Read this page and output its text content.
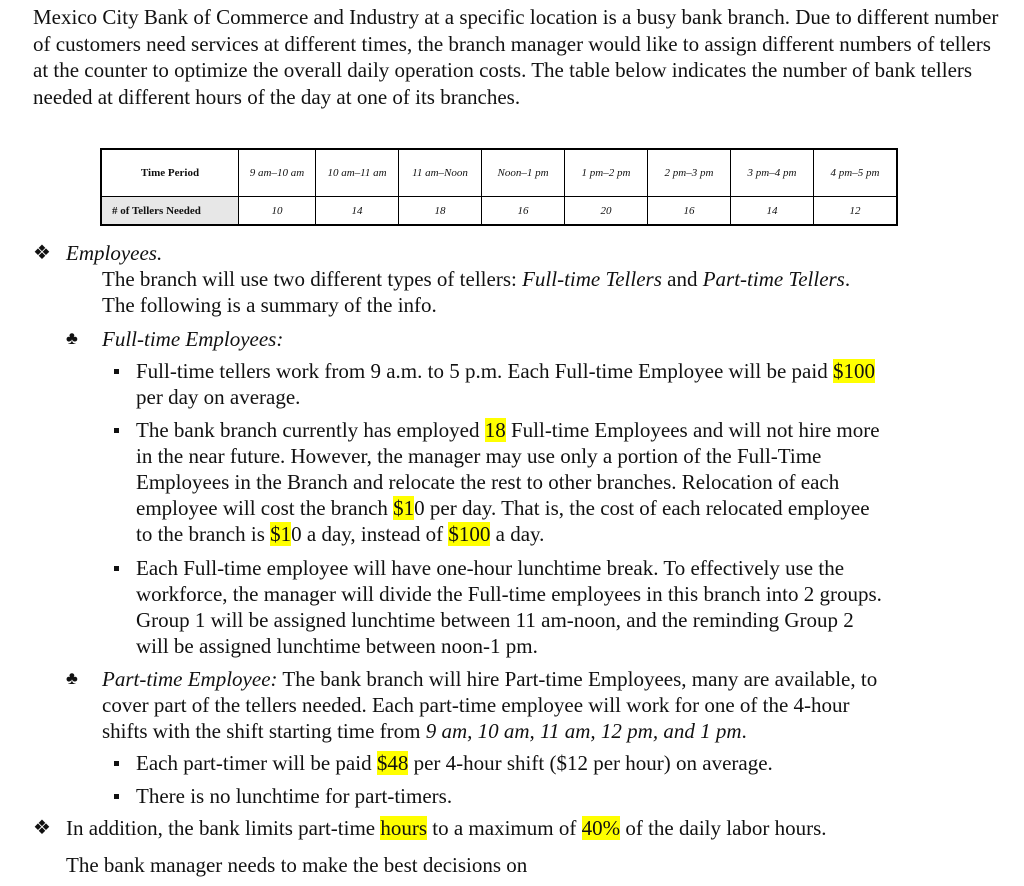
Mexico City Bank of Commerce and Industry at a specific location is a busy bank branch. Due to different number of customers need services at different times, the branch manager would like to assign different numbers of tellers at the counter to optimize the overall daily operation costs. The table below indicates the number of bank tellers needed at different hours of the day at one of its branches.

Time Period	9 am–10 am	10 am–11 am	11 am–Noon	Noon–1 pm	1 pm–2 pm	2 pm–3 pm	3 pm–4 pm	4 pm–5 pm
# of Tellers Needed	10	14	18	16	20	16	14	12
❖ Employees.
The branch will use two different types of tellers: Full-time Tellers and Part-time Tellers.
The following is a summary of the info.
♣ Full-time Employees:
Full-time tellers work from 9 a.m. to 5 p.m. Each Full-time Employee will be paid $100
per day on average.
The bank branch currently has employed 18 Full-time Employees and will not hire more
in the near future. However, the manager may use only a portion of the Full-Time
Employees in the Branch and relocate the rest to other branches. Relocation of each
employee will cost the branch $10 per day. That is, the cost of each relocated employee
to the branch is $10 a day, instead of $100 a day.
Each Full-time employee will have one-hour lunchtime break. To effectively use the
workforce, the manager will divide the Full-time employees in this branch into 2 groups.
Group 1 will be assigned lunchtime between 11 am-noon, and the reminding Group 2
will be assigned lunchtime between noon-1 pm.
♣ Part-time Employee: The bank branch will hire Part-time Employees, many are available, to
cover part of the tellers needed. Each part-time employee will work for one of the 4-hour
shifts with the shift starting time from 9 am, 10 am, 11 am, 12 pm, and 1 pm.
Each part-timer will be paid $48 per 4-hour shift ($12 per hour) on average.
There is no lunchtime for part-timers.
❖ In addition, the bank limits part-time hours to a maximum of 40% of the daily labor hours.
The bank manager needs to make the best decisions on
